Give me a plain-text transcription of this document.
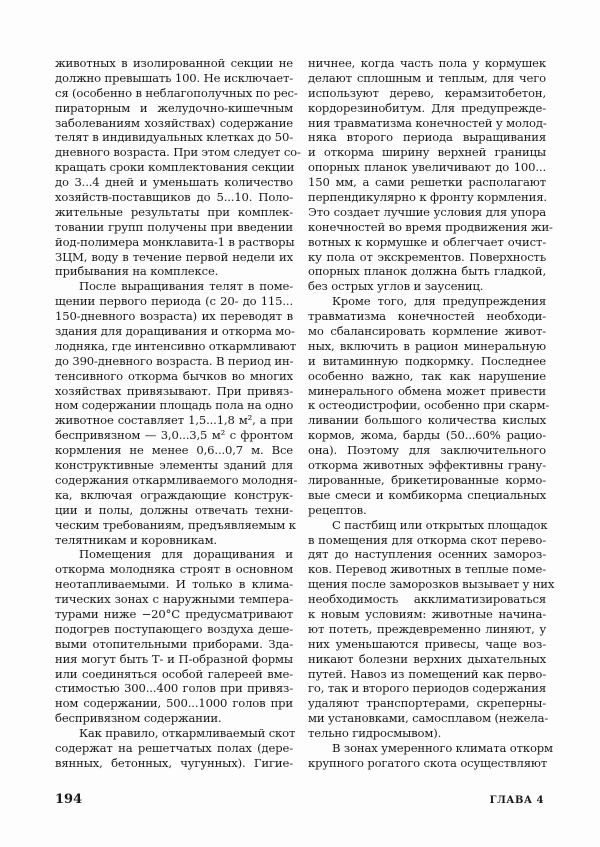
животных в изолированной секции не
должно превышать 100. Не исключает-
ся (особенно в неблагополучных по рес-
пираторным и желудочно-кишечным
заболеваниям хозяйствах) содержание
телят в индивидуальных клетках до 50-
дневного возраста. При этом следует со-
кращать сроки комплектования секции
до 3...4 дней и уменьшать количество
хозяйств-поставщиков до 5...10. Поло-
жительные результаты при комплек-
товании групп получены при введении
йод-полимера монклавита-1 в растворы
ЗЦМ, воду в течение первой недели их
прибывания на комплексе.
После выращивания телят в поме-
щении первого периода (с 20- до 115...
150-дневного возраста) их переводят в
здания для доращивания и откорма мо-
лодняка, где интенсивно откармливают
до 390-дневного возраста. В период ин-
тенсивного откорма бычков во многих
хозяйствах привязывают. При привяз-
ном содержании площадь пола на одно
животное составляет 1,5...1,8 м², а при
беспривязном — 3,0...3,5 м² с фронтом
кормления не менее 0,6...0,7 м. Все
конструктивные элементы зданий для
содержания откармливаемого молодня-
ка, включая ограждающие конструк-
ции и полы, должны отвечать техни-
ческим требованиям, предъявляемым к
телятникам и коровникам.
Помещения для доращивания и
откорма молодняка строят в основном
неотапливаемыми. И только в клима-
тических зонах с наружными темпера-
турами ниже −20°С предусматривают
подогрев поступающего воздуха деше-
выми отопительными приборами. Зда-
ния могут быть Т- и П-образной формы
или соединяться особой галереей вме-
стимостью 300...400 голов при привяз-
ном содержании, 500...1000 голов при
беспривязном содержании.
Как правило, откармливаемый скот
содержат на решетчатых полах (дере-
вянных, бетонных, чугунных). Гигие-
ничнее, когда часть пола у кормушек
делают сплошным и теплым, для чего
используют дерево, керамзитобетон,
кордорезинобитум. Для предупрежде-
ния травматизма конечностей у молод-
няка второго периода выращивания
и откорма ширину верхней границы
опорных планок увеличивают до 100...
150 мм, а сами решетки располагают
перпендикулярно к фронту кормления.
Это создает лучшие условия для упора
конечностей во время продвижения жи-
вотных к кормушке и облегчает очист-
ку пола от экскрементов. Поверхность
опорных планок должна быть гладкой,
без острых углов и заусениц.
Кроме того, для предупреждения
травматизма конечностей необходи-
мо сбалансировать кормление живот-
ных, включить в рацион минеральную
и витаминную подкормку. Последнее
особенно важно, так как нарушение
минерального обмена может привести
к остеодистрофии, особенно при скарм-
ливании большого количества кислых
кормов, жома, барды (50...60% рацио-
она). Поэтому для заключительного
откорма животных эффективны грану-
лированные, брикетированные кормо-
вые смеси и комбикорма специальных
рецептов.
С пастбищ или открытых площадок
в помещения для откорма скот перево-
дят до наступления осенних замороз-
ков. Перевод животных в теплые поме-
щения после заморозков вызывает у них
необходимость акклиматизироваться
к новым условиям: животные начина-
ют потеть, преждевременно линяют, у
них уменьшаются привесы, чаще воз-
никают болезни верхних дыхательных
путей. Навоз из помещений как перво-
го, так и второго периодов содержания
удаляют транспортерами, скреперны-
ми установками, самосплавом (нежела-
тельно гидросмывом).
В зонах умеренного климата откорм
крупного рогатого скота осуществляют
194	ГЛАВА 4
